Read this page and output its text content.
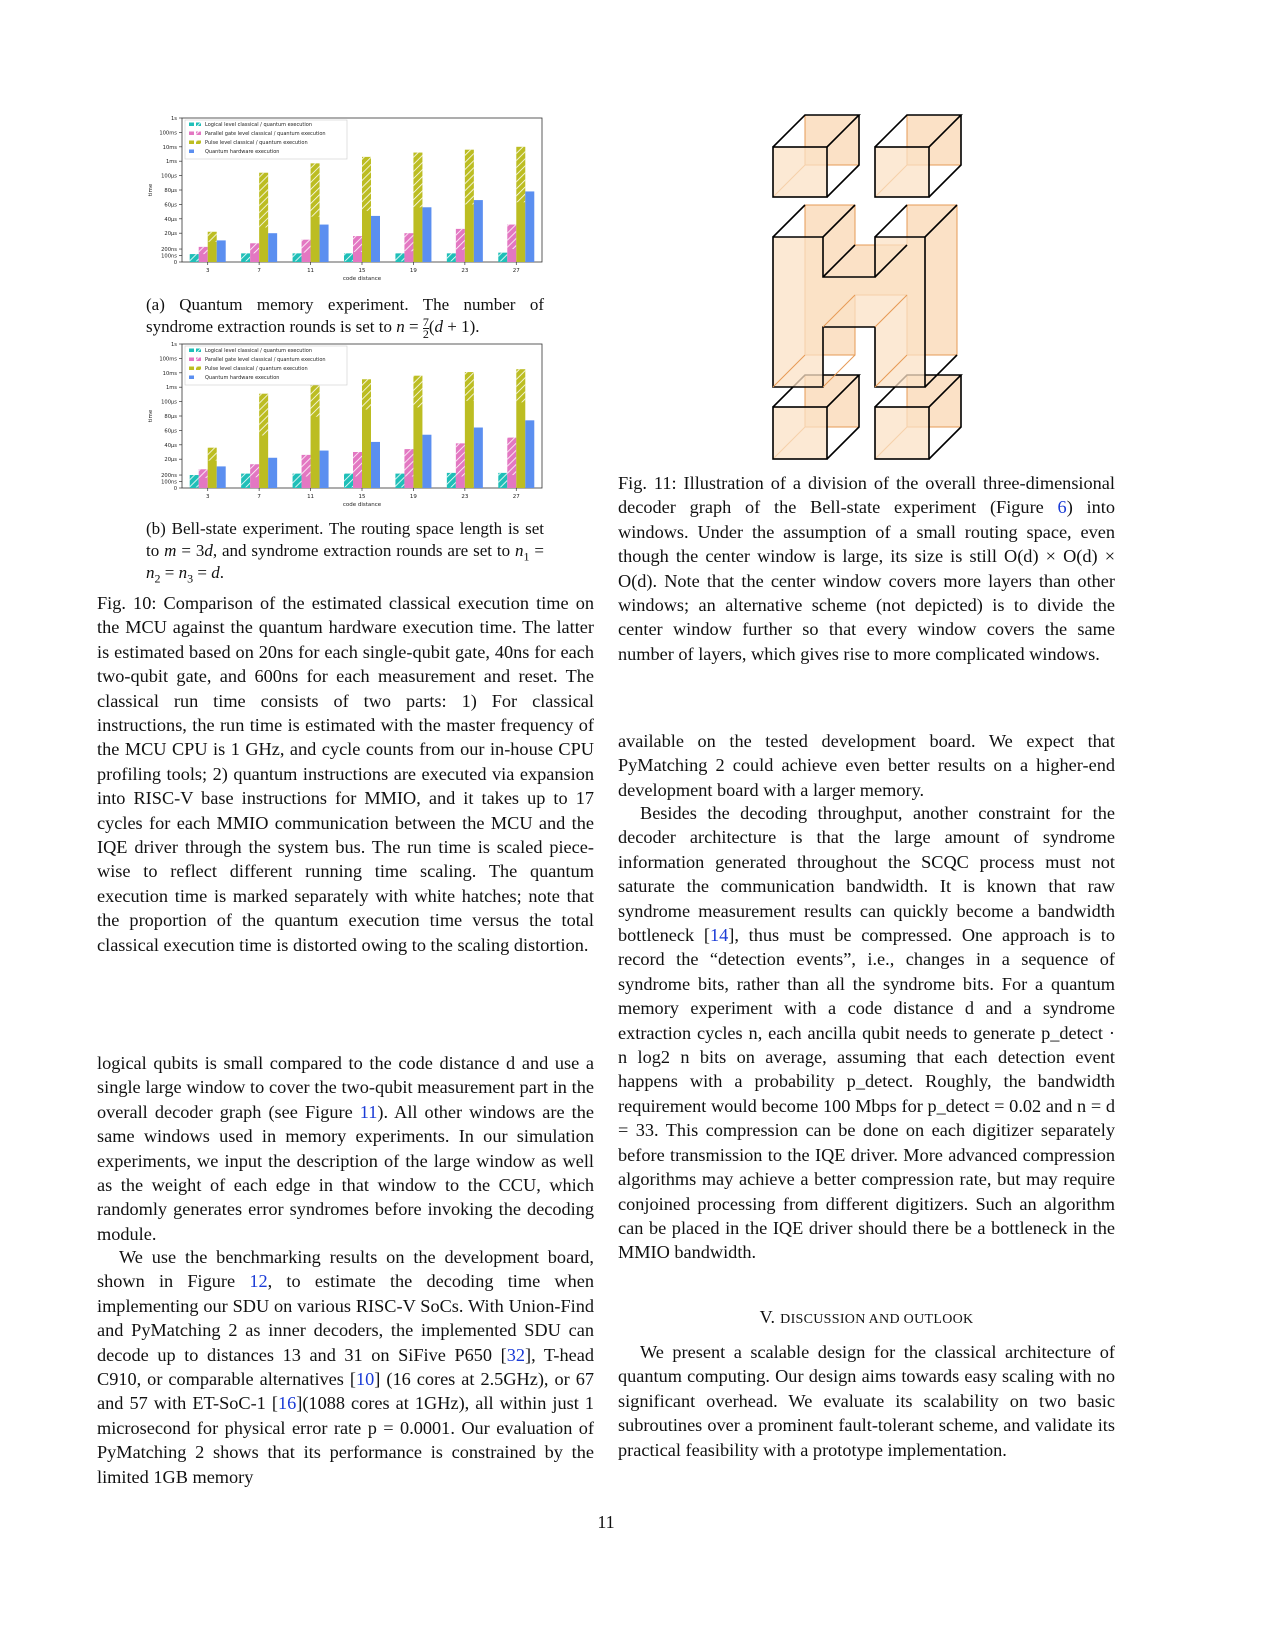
0
100ns
200ns
20μs
40μs
60μs
80μs
100μs
1ms
10ms
100ms
1s
time
3	7	11	15	19	23	27
code distance
Logical level classical / quantum execution
Parallel gate level classical / quantum execution
Pulse level classical / quantum execution
Quantum hardware execution
(a) Quantum memory experiment. The number of syndrome extraction rounds is set to $n = \frac{7}{2} (d + 1)$.
0
100ns
200ns
20μs
40μs
60μs
80μs
100μs
1ms
10ms
100ms
1s
time
3	7	11	15	19	23	27
code distance
Logical level classical / quantum execution
Parallel gate level classical / quantum execution
Pulse level classical / quantum execution
Quantum hardware execution
(b) Bell-state experiment. The routing space length is set to m = 3d, and syndrome extraction rounds are set to $n_1 = n_2 = n_3 = d$.
Fig. 10: Comparison of the estimated classical execution time on the MCU against the quantum hardware execution time. The latter is estimated based on 20ns for each single-qubit gate, 40ns for each two-qubit gate, and 600ns for each measurement and reset. The classical run time consists of two parts: 1) For classical instructions, the run time is estimated with the master frequency of the MCU CPU is 1 GHz, and cycle counts from our in-house CPU profiling tools; 2) quantum instructions are executed via expansion into RISC-V base instructions for MMIO, and it takes up to 17 cycles for each MMIO communication between the MCU and the IQE driver through the system bus. The run time is scaled piece-wise to reflect different running time scaling. The quantum execution time is marked separately with white hatches; note that the proportion of the quantum execution time versus the total classical execution time is distorted owing to the scaling distortion.
logical qubits is small compared to the code distance d and use a single large window to cover the two-qubit measurement part in the overall decoder graph (see Figure 11). All other windows are the same windows used in memory experiments. In our simulation experiments, we input the description of the large window as well as the weight of each edge in that window to the CCU, which randomly generates error syndromes before invoking the decoding module.
We use the benchmarking results on the development board, shown in Figure 12, to estimate the decoding time when implementing our SDU on various RISC-V SoCs. With Union-Find and PyMatching 2 as inner decoders, the implemented SDU can decode up to distances 13 and 31 on SiFive P650 [32], T-head C910, or comparable alternatives [10] (16 cores at 2.5GHz), or 67 and 57 with ET-SoC-1 [16](1088 cores at 1GHz), all within just 1 microsecond for physical error rate p = 0.0001. Our evaluation of PyMatching 2 shows that its performance is constrained by the limited 1GB memory
Fig. 11: Illustration of a division of the overall three-dimensional decoder graph of the Bell-state experiment (Figure 6) into windows. Under the assumption of a small routing space, even though the center window is large, its size is still O(d) × O(d) × O(d). Note that the center window covers more layers than other windows; an alternative scheme (not depicted) is to divide the center window further so that every window covers the same number of layers, which gives rise to more complicated windows.
available on the tested development board. We expect that PyMatching 2 could achieve even better results on a higher-end development board with a larger memory.
Besides the decoding throughput, another constraint for the decoder architecture is that the large amount of syndrome information generated throughout the SCQC process must not saturate the communication bandwidth. It is known that raw syndrome measurement results can quickly become a bandwidth bottleneck [14], thus must be compressed. One approach is to record the “detection events”, i.e., changes in a sequence of syndrome bits, rather than all the syndrome bits. For a quantum memory experiment with a code distance d and a syndrome extraction cycles n, each ancilla qubit needs to generate p_detect · n log2 n bits on average, assuming that each detection event happens with a probability p_detect. Roughly, the bandwidth requirement would become 100 Mbps for p_detect = 0.02 and n = d = 33. This compression can be done on each digitizer separately before transmission to the IQE driver. More advanced compression algorithms may achieve a better compression rate, but may require conjoined processing from different digitizers. Such an algorithm can be placed in the IQE driver should there be a bottleneck in the MMIO bandwidth.
V. DISCUSSION AND OUTLOOK
We present a scalable design for the classical architecture of quantum computing. Our design aims towards easy scaling with no significant overhead. We evaluate its scalability on two basic subroutines over a prominent fault-tolerant scheme, and validate its practical feasibility with a prototype implementation.
11
